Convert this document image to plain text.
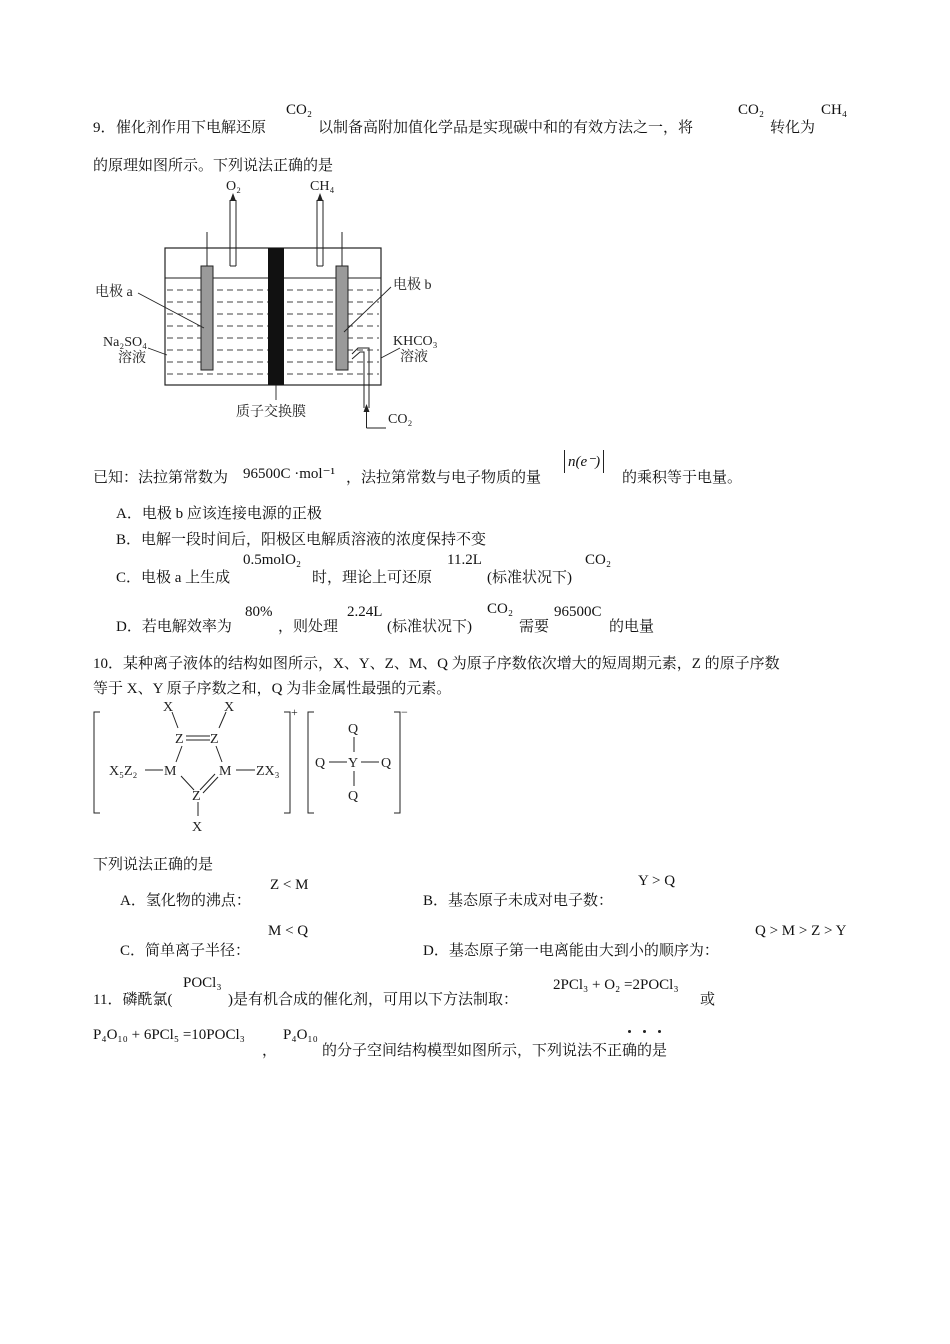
9． 催化剂作用下电解还原
CO₂
以制备高附加值化学品是实现碳中和的有效方法之一，将
CO₂
转化为
CH₄
的原理如图所示。下列说法正确的是
O₂	CH₄
电极 a	电极 b
Na₂SO₄
溶液
KHCO₃
溶液
质子交换膜	CO₂
已知：法拉第常数为 96500C ·mol⁻¹ ，法拉第常数与电子物质的量
n(e⁻)
的乘积等于电量。
A．电极 b 应该连接电源的正极
B．电解一段时间后，阳极区电解质溶液的浓度保持不变
C．电极 a 上生成
0.5molO₂
时，理论上可还原
11.2L
(标准状况下)
CO₂
D．若电解效率为
80%
，则处理
2.24L
(标准状况下)
CO₂
需要
96500C
的电量
10．某种离子液体的结构如图所示，X、Y、Z、M、Q 为原子序数依次增大的短周期元素，Z 的原子序数
等于 X、Y 原子序数之和，Q 为非金属性最强的元素。
X	X
Z Z
X₅Z₂ M	M ZX₃
Z
X
+
Q
Q Y Q
Q
−
下列说法正确的是
A．氢化物的沸点：
Z < M
B．基态原子未成对电子数：
Y > Q
C．简单离子半径：
M < Q
D．基态原子第一电离能由大到小的顺序为：
Q > M > Z > Y
11．磷酰氯(
POCl₃
)是有机合成的催化剂，可用以下方法制取：
2PCl₃ + O₂ =2POCl₃
或
P₄O₁₀ + 6PCl₅ =10POCl₃
，
P₄O₁₀
的分子空间结构模型如图所示，下列说法不正确的是
